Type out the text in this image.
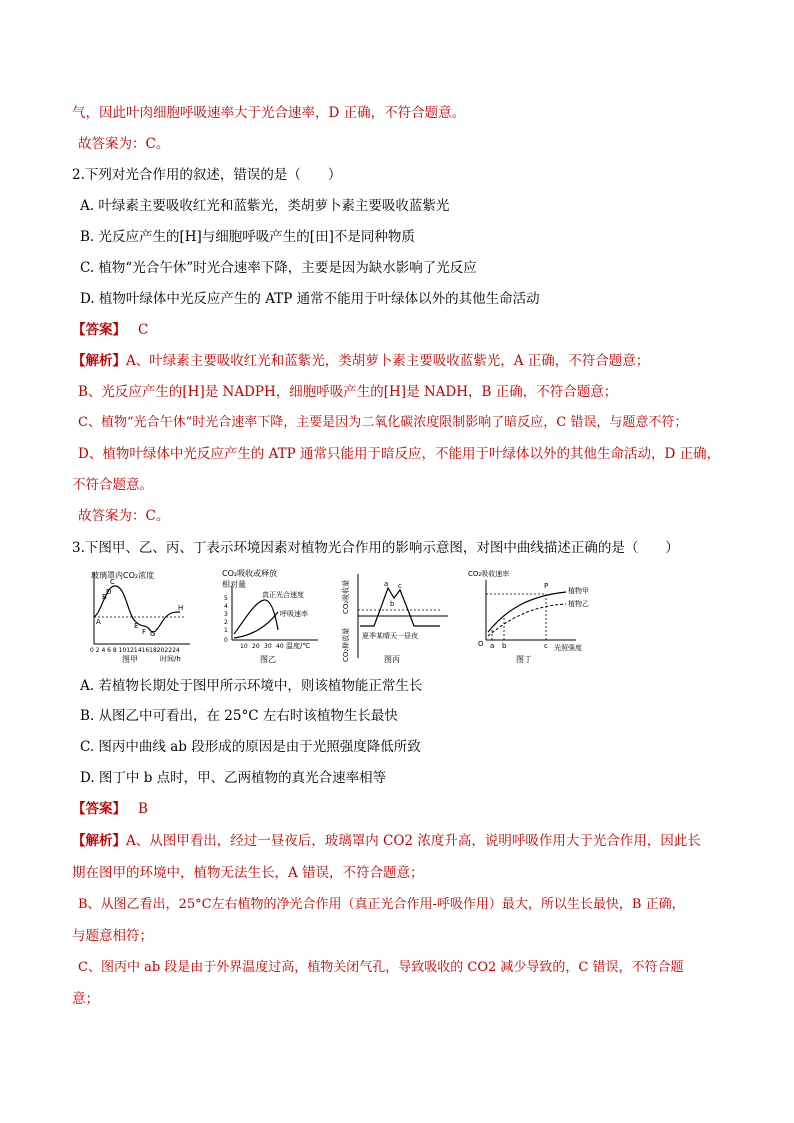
气，因此叶肉细胞呼吸速率大于光合速率，D 正确，不符合题意。
故答案为：C。
2.下列对光合作用的叙述，错误的是（　　）
A. 叶绿素主要吸收红光和蓝紫光，类胡萝卜素主要吸收蓝紫光
B. 光反应产生的[H]与细胞呼吸产生的[田]不是同种物质
C. 植物“光合午休”时光合速率下降，主要是因为缺水影响了光反应
D. 植物叶绿体中光反应产生的 ATP 通常不能用于叶绿体以外的其他生命活动
【答案】 C
【解析】A、叶绿素主要吸收红光和蓝紫光，类胡萝卜素主要吸收蓝紫光，A 正确，不符合题意；
B、光反应产生的[H]是 NADPH，细胞呼吸产生的[H]是 NADH，B 正确，不符合题意；
C、植物“光合午休”时光合速率下降，主要是因为二氧化碳浓度限制影响了暗反应，C 错误，与题意不符；
D、植物叶绿体中光反应产生的 ATP 通常只能用于暗反应，不能用于叶绿体以外的其他生命活动，D 正确，
不符合题意。
故答案为：C。
3.下图甲、乙、丙、丁表示环境因素对植物光合作用的影响示意图，对图中曲线描述正确的是（　　）
玻璃罩内CO₂浓度
B
C
A	E
F G
H
D
0 2 4 6 8 1012141618202224
时间/h
图甲
CO₂吸收或释放
相对量
5
4
3
2
1
0
真正光合速度
呼吸速率
10 20 30 40 温度/℃
图乙
CO₂吸收量
CO₂释放量
a c
b
夏季某晴天一昼夜
图丙
CO₂吸收速率
植物甲
植物乙
P
O a b	c 光照强度
图丁
A. 若植物长期处于图甲所示环境中，则该植物能正常生长
B. 从图乙中可看出，在 25°C 左右时该植物生长最快
C. 图丙中曲线 ab 段形成的原因是由于光照强度降低所致
D. 图丁中 b 点时，甲、乙两植物的真光合速率相等
【答案】 B
【解析】A、从图甲看出，经过一昼夜后，玻璃罩内 CO2 浓度升高，说明呼吸作用大于光合作用，因此长
期在图甲的环境中，植物无法生长，A 错误，不符合题意；
B、从图乙看出，25°C左右植物的净光合作用（真正光合作用-呼吸作用）最大，所以生长最快，B 正确，
与题意相符；
C、图丙中 ab 段是由于外界温度过高，植物关闭气孔，导致吸收的 CO2 减少导致的，C 错误，不符合题
意；
